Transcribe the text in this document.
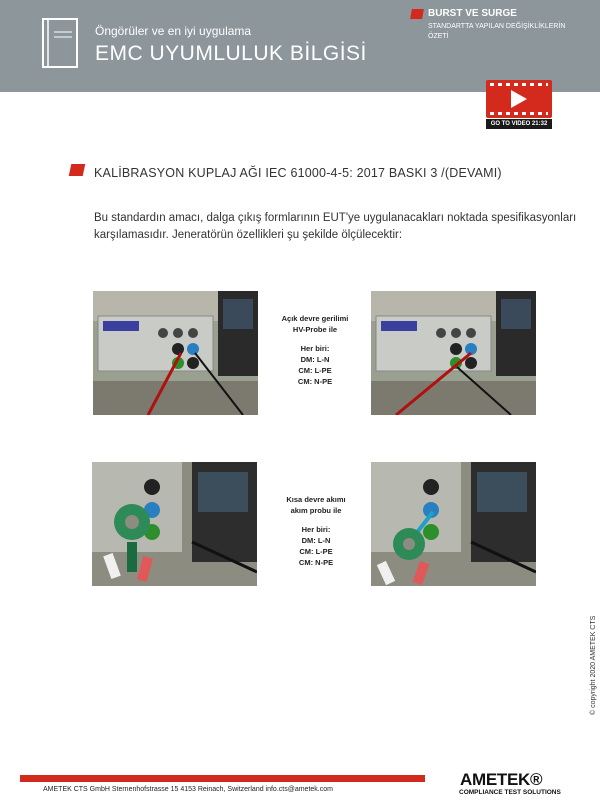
Öngörüler ve en iyi uygulama
EMC UYUMLULUK BİLGİSİ
BURST VE SURGE
STANDARTTA YAPILAN DEĞİŞİKLİKLERİN
ÖZETİ
GO TO VIDEO 21:32
KALİBRASYON KUPLAJ AĞI IEC 61000-4-5: 2017 BASKI 3 /(DEVAMI)
Bu standardın amacı, dalga çıkış formlarının EUT'ye uygulanacakları noktada spesifikasyonları
karşılamasıdır. Jeneratörün özellikleri şu şekilde ölçülecektir:
Açık devre gerilimi
HV-Probe ile
Her biri:
DM: L-N
CM: L-PE
CM: N-PE
Kısa devre akımı
akım probu ile
Her biri:
DM: L-N
CM: L-PE
CM: N-PE
© copyright 2020 AMETEK CTS
AMETEK CTS GmbH Sternenhofstrasse 15 4153 Reinach, Switzerland info.cts@ametek.com
AMETEK®
COMPLIANCE TEST SOLUTIONS
